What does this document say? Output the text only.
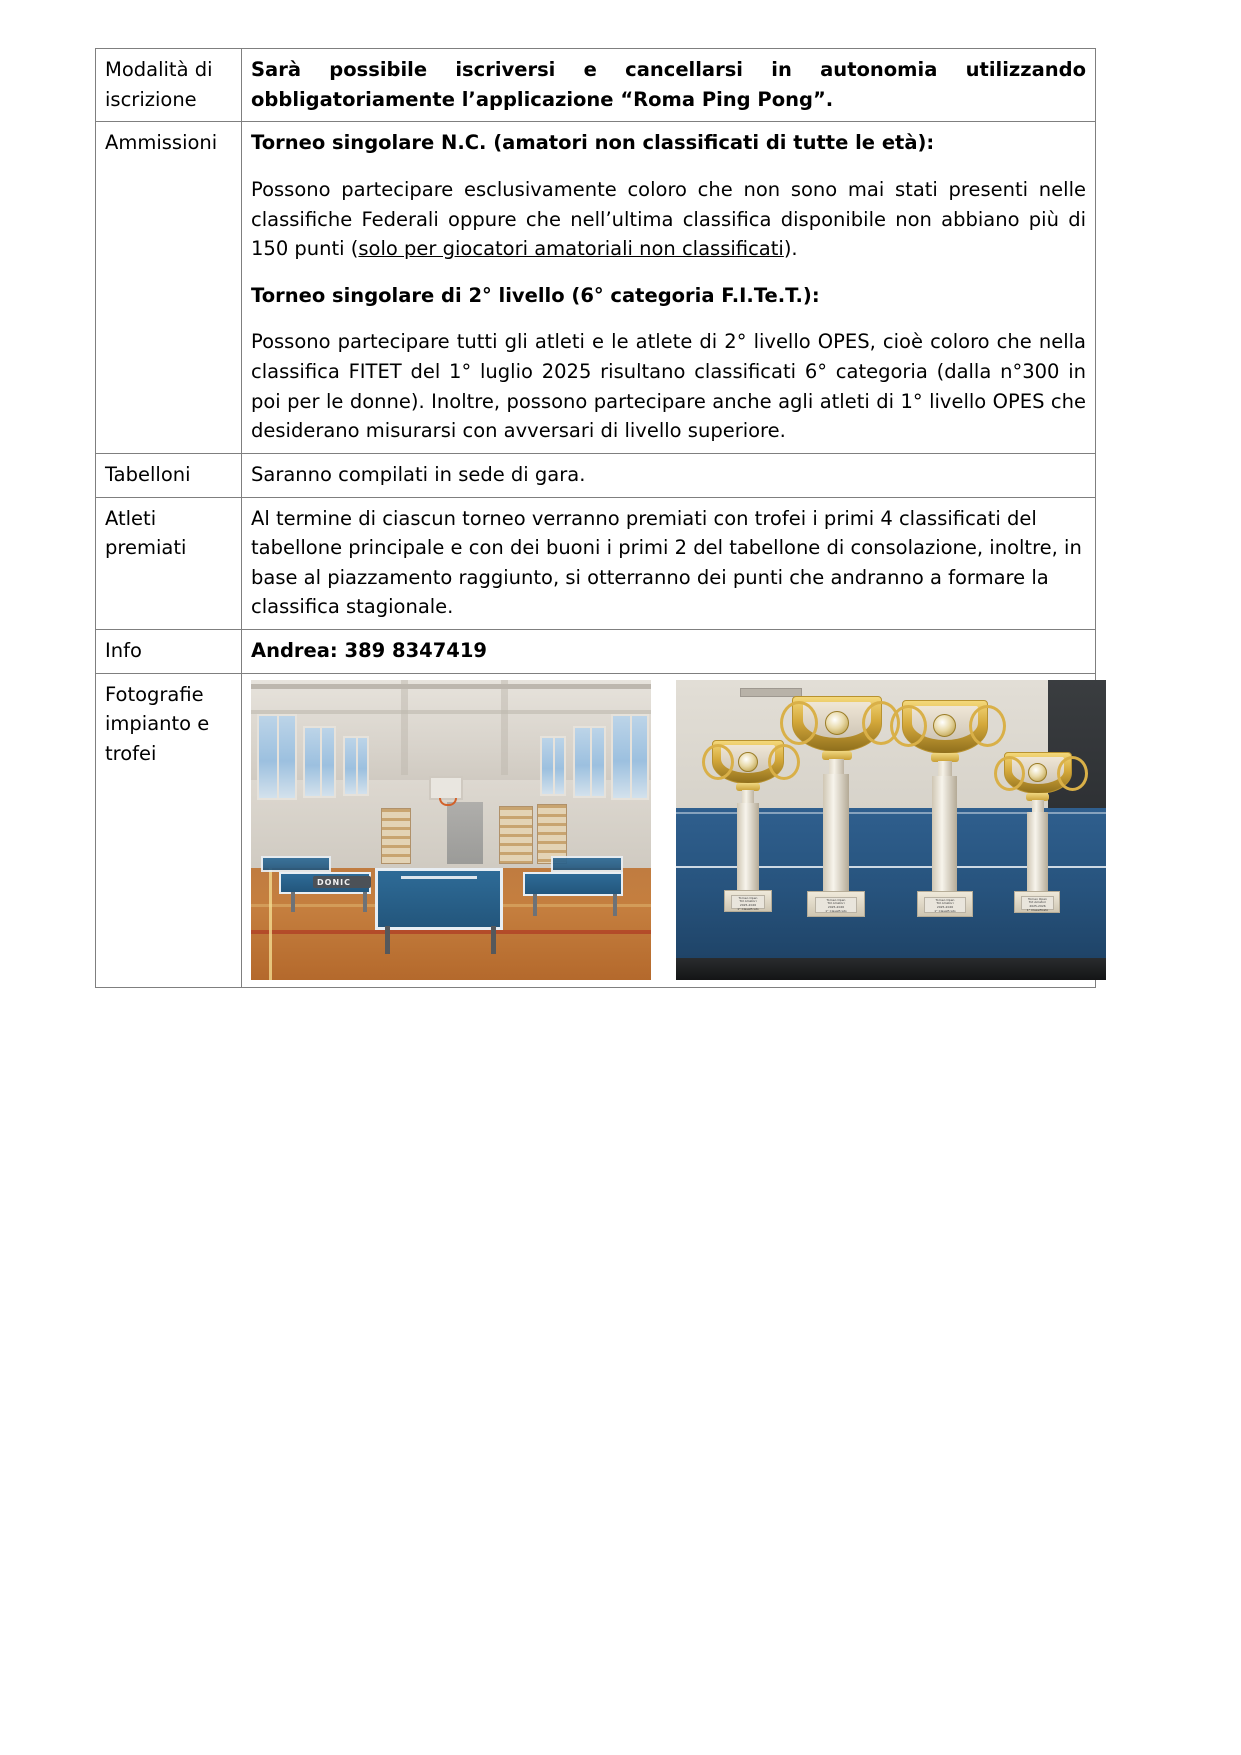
Modalità di iscrizione	Sarà possibile iscriversi e cancellarsi in autonomia utilizzando obbligatoriamente l’applicazione “Roma Ping Pong”.

Ammissioni	Torneo singolare N.C. (amatori non classificati di tutte le età):

Possono partecipare esclusivamente coloro che non sono mai stati presenti nelle classifiche Federali oppure che nell’ultima classifica disponibile non abbiano più di 150 punti (solo per giocatori amatoriali non classificati).

Torneo singolare di 2° livello (6° categoria F.I.Te.T.):

Possono partecipare tutti gli atleti e le atlete di 2° livello OPES, cioè coloro che nella classifica FITET del 1° luglio 2025 risultano classificati 6° categoria (dalla n°300 in poi per le donne). Inoltre, possono partecipare anche agli atleti di 1° livello OPES che desiderano misurarsi con avversari di livello superiore.

Tabelloni	Saranno compilati in sede di gara.

Atleti premiati	Al termine di ciascun torneo verranno premiati con trofei i primi 4 classificati del tabellone principale e con dei buoni i primi 2 del tabellone di consolazione, inoltre, in base al piazzamento raggiunto, si otterranno dei punti che andranno a formare la classifica stagionale.

Info	Andrea: 389 8347419

Fotografie impianto e trofei	
DONIC
Torneo Open
Tot Amatori
2025-2026
1° Classificato
Torneo Open
Tot Amatori
2025-2026
1° Classificato
Torneo Open
Tot Amatori
2025-2026
1° Classificato
Torneo Open
Tot Amatori
2025-2026
1° Classificato
